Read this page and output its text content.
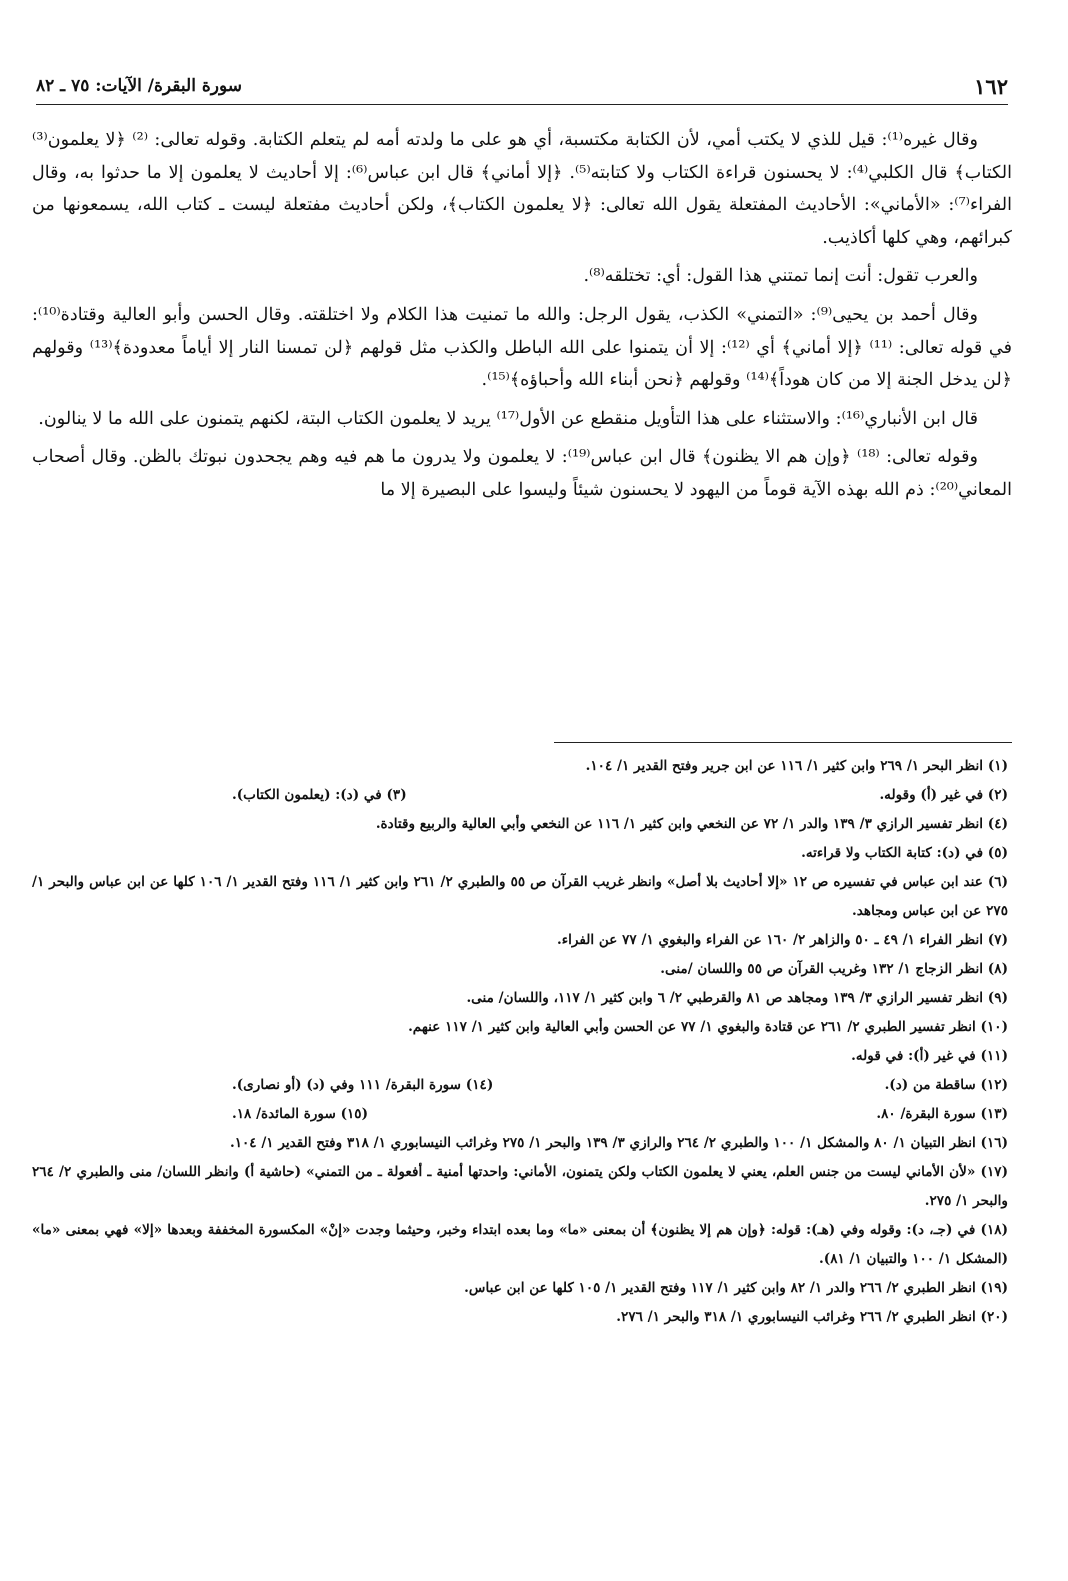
١٦٢
سورة البقرة/ الآيات: ٧٥ ـ ٨٢

وقال غيره⁽¹⁾: قيل للذي لا يكتب أمي، لأن الكتابة مكتسبة، أي هو على ما ولدته أمه لم يتعلم الكتابة. وقوله تعالى: ⁽²⁾ ﴿لا يعلمون⁽³⁾ الكتاب﴾ قال الكلبي⁽⁴⁾: لا يحسنون قراءة الكتاب ولا كتابته⁽⁵⁾. ﴿إلا أماني﴾ قال ابن عباس⁽⁶⁾: إلا أحاديث لا يعلمون إلا ما حدثوا به، وقال الفراء⁽⁷⁾: «الأماني»: الأحاديث المفتعلة يقول الله تعالى: ﴿لا يعلمون الكتاب﴾، ولكن أحاديث مفتعلة ليست ـ كتاب الله، يسمعونها من كبرائهم، وهي كلها أكاذيب.

والعرب تقول: أنت إنما تمتني هذا القول: أي: تختلقه⁽⁸⁾.

وقال أحمد بن يحيى⁽⁹⁾: «التمني» الكذب، يقول الرجل: والله ما تمنيت هذا الكلام ولا اختلقته. وقال الحسن وأبو العالية وقتادة⁽¹⁰⁾: في قوله تعالى: ⁽¹¹⁾ ﴿إلا أماني﴾ أي ⁽¹²⁾: إلا أن يتمنوا على الله الباطل والكذب مثل قولهم ﴿لن تمسنا النار إلا أياماً معدودة﴾⁽¹³⁾ وقولهم ﴿لن يدخل الجنة إلا من كان هوداً﴾⁽¹⁴⁾ وقولهم ﴿نحن أبناء الله وأحباؤه﴾⁽¹⁵⁾.

قال ابن الأنباري⁽¹⁶⁾: والاستثناء على هذا التأويل منقطع عن الأول⁽¹⁷⁾ يريد لا يعلمون الكتاب البتة، لكنهم يتمنون على الله ما لا ينالون.

وقوله تعالى: ⁽¹⁸⁾ ﴿وإن هم الا يظنون﴾ قال ابن عباس⁽¹⁹⁾: لا يعلمون ولا يدرون ما هم فيه وهم يجحدون نبوتك بالظن. وقال أصحاب المعاني⁽²⁰⁾: ذم الله بهذه الآية قوماً من اليهود لا يحسنون شيئاً وليسوا على البصيرة إلا ما

(١) انظر البحر ١/ ٢٦٩ وابن كثير ١/ ١١٦ عن ابن جرير وفتح القدير ١/ ١٠٤.
(٢) في غير (أ) وقوله.
(٣) في (د): (يعلمون الكتاب).
(٤) انظر تفسير الرازي ٣/ ١٣٩ والدر ١/ ٧٢ عن النخعي وابن كثير ١/ ١١٦ عن النخعي وأبي العالية والربيع وقتادة.
(٥) في (د): كتابة الكتاب ولا قراءته.
(٦) عند ابن عباس في تفسيره ص ١٢ «إلا أحاديث بلا أصل» وانظر غريب القرآن ص ٥٥ والطبري ٢/ ٢٦١ وابن كثير ١/ ١١٦ وفتح القدير ١/ ١٠٦ كلها عن ابن عباس والبحر ١/ ٢٧٥ عن ابن عباس ومجاهد.
(٧) انظر الفراء ١/ ٤٩ ـ ٥٠ والزاهر ٢/ ١٦٠ عن الفراء والبغوي ١/ ٧٧ عن الفراء.
(٨) انظر الزجاج ١/ ١٣٢ وغريب القرآن ص ٥٥ واللسان /منى.
(٩) انظر تفسير الرازي ٣/ ١٣٩ ومجاهد ص ٨١ والقرطبي ٢/ ٦ وابن كثير ١/ ١١٧، واللسان/ منى.
(١٠) انظر تفسير الطبري ٢/ ٢٦١ عن قتادة والبغوي ١/ ٧٧ عن الحسن وأبي العالية وابن كثير ١/ ١١٧ عنهم.
(١١) في غير (أ): في قوله.
(١٢) ساقطة من (د).
(١٤) سورة البقرة/ ١١١ وفي (د) (أو نصارى).
(١٣) سورة البقرة/ ٨٠.
(١٥) سورة المائدة/ ١٨.
(١٦) انظر التبيان ١/ ٨٠ والمشكل ١/ ١٠٠ والطبري ٢/ ٢٦٤ والرازي ٣/ ١٣٩ والبحر ١/ ٢٧٥ وغرائب النيسابوري ١/ ٣١٨ وفتح القدير ١/ ١٠٤.
(١٧) «لأن الأماني ليست من جنس العلم، يعني لا يعلمون الكتاب ولكن يتمنون، الأماني: واحدتها أمنية ـ أفعولة ـ من التمني» (حاشية أ) وانظر اللسان/ منى والطبري ٢/ ٢٦٤ والبحر ١/ ٢٧٥.
(١٨) في (جـ، د): وقوله وفي (هـ): قوله: ﴿وإن هم إلا يظنون﴾ أن بمعنى «ما» وما بعده ابتداء وخبر، وحيثما وجدت «إنْ» المكسورة المخففة وبعدها «إلا» فهي بمعنى «ما» (المشكل ١/ ١٠٠ والتبيان ١/ ٨١).
(١٩) انظر الطبري ٢/ ٢٦٦ والدر ١/ ٨٢ وابن كثير ١/ ١١٧ وفتح القدير ١/ ١٠٥ كلها عن ابن عباس.
(٢٠) انظر الطبري ٢/ ٢٦٦ وغرائب النيسابوري ١/ ٣١٨ والبحر ١/ ٢٧٦.
